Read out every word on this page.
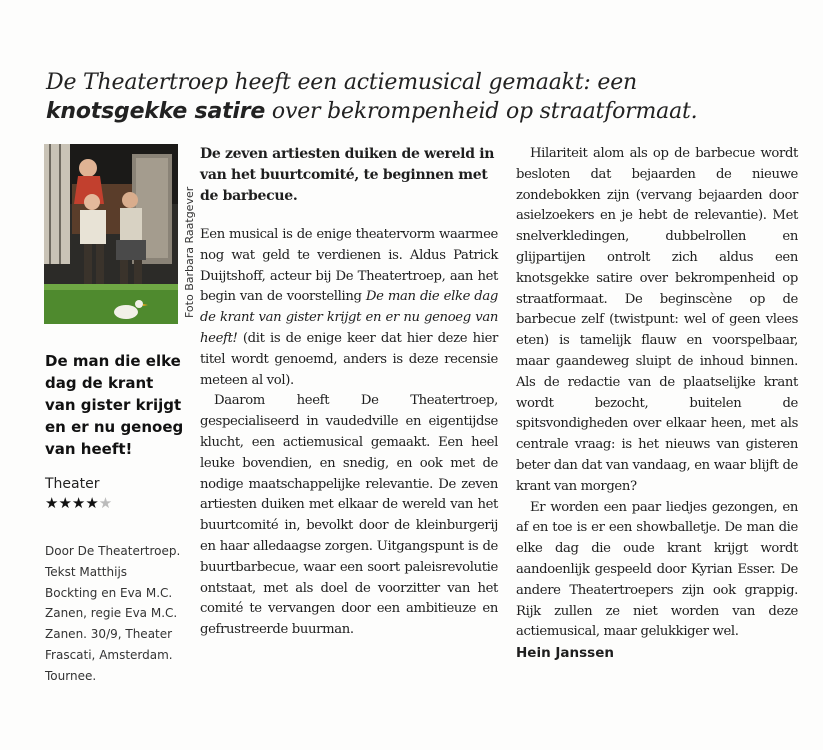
De Theatertroep heeft een actiemusical gemaakt: een
knotsgekke satire over bekrompenheid op straatformaat.
Foto Barbara Raatgever
De man die elke dag de krant van gister krijgt en er nu genoeg van heeft!
Theater
★★★★★
Door De Theatertroep. Tekst Matthijs Bockting en Eva M.C. Zanen, regie Eva M.C. Zanen. 30/9, Theater Frascati, Amsterdam. Tournee.

De zeven artiesten duiken de wereld in van het buurtcomité, te beginnen met de barbecue.

Een musical is de enige theatervorm waarmee nog wat geld te verdienen is. Aldus Patrick Duijtshoff, acteur bij De Theatertroep, aan het begin van de voorstelling De man die elke dag de krant van gister krijgt en er nu genoeg van heeft! (dit is de enige keer dat hier deze hier titel wordt genoemd, anders is deze recensie meteen al vol).

Daarom heeft De Theatertroep, gespecialiseerd in vaudedville en eigentijdse klucht, een actiemusical gemaakt. Een heel leuke bovendien, en snedig, en ook met de nodige maatschappelijke relevantie. De zeven artiesten duiken met elkaar de wereld van het buurtcomité in, bevolkt door de kleinburgerij en haar alledaagse zorgen. Uitgangspunt is de buurtbarbecue, waar een soort paleisrevolutie ontstaat, met als doel de voorzitter van het comité te vervangen door een ambitieuze en gefrustreerde buurman.

Hilariteit alom als op de barbecue wordt besloten dat bejaarden de nieuwe zondebokken zijn (vervang bejaarden door asielzoekers en je hebt de relevantie). Met snelverkledingen, dubbelrollen en glijpartijen ontrolt zich aldus een knotsgekke satire over bekrompenheid op straatformaat. De beginscène op de barbecue zelf (twistpunt: wel of geen vlees eten) is tamelijk flauw en voorspelbaar, maar gaandeweg sluipt de inhoud binnen. Als de redactie van de plaatselijke krant wordt bezocht, buitelen de spitsvondigheden over elkaar heen, met als centrale vraag: is het nieuws van gisteren beter dan dat van vandaag, en waar blijft de krant van morgen?

Er worden een paar liedjes gezongen, en af en toe is er een showballetje. De man die elke dag die oude krant krijgt wordt aandoenlijk gespeeld door Kyrian Esser. De andere Theatertroepers zijn ook grappig. Rijk zullen ze niet worden van deze actiemusical, maar gelukkiger wel.

Hein Janssen
